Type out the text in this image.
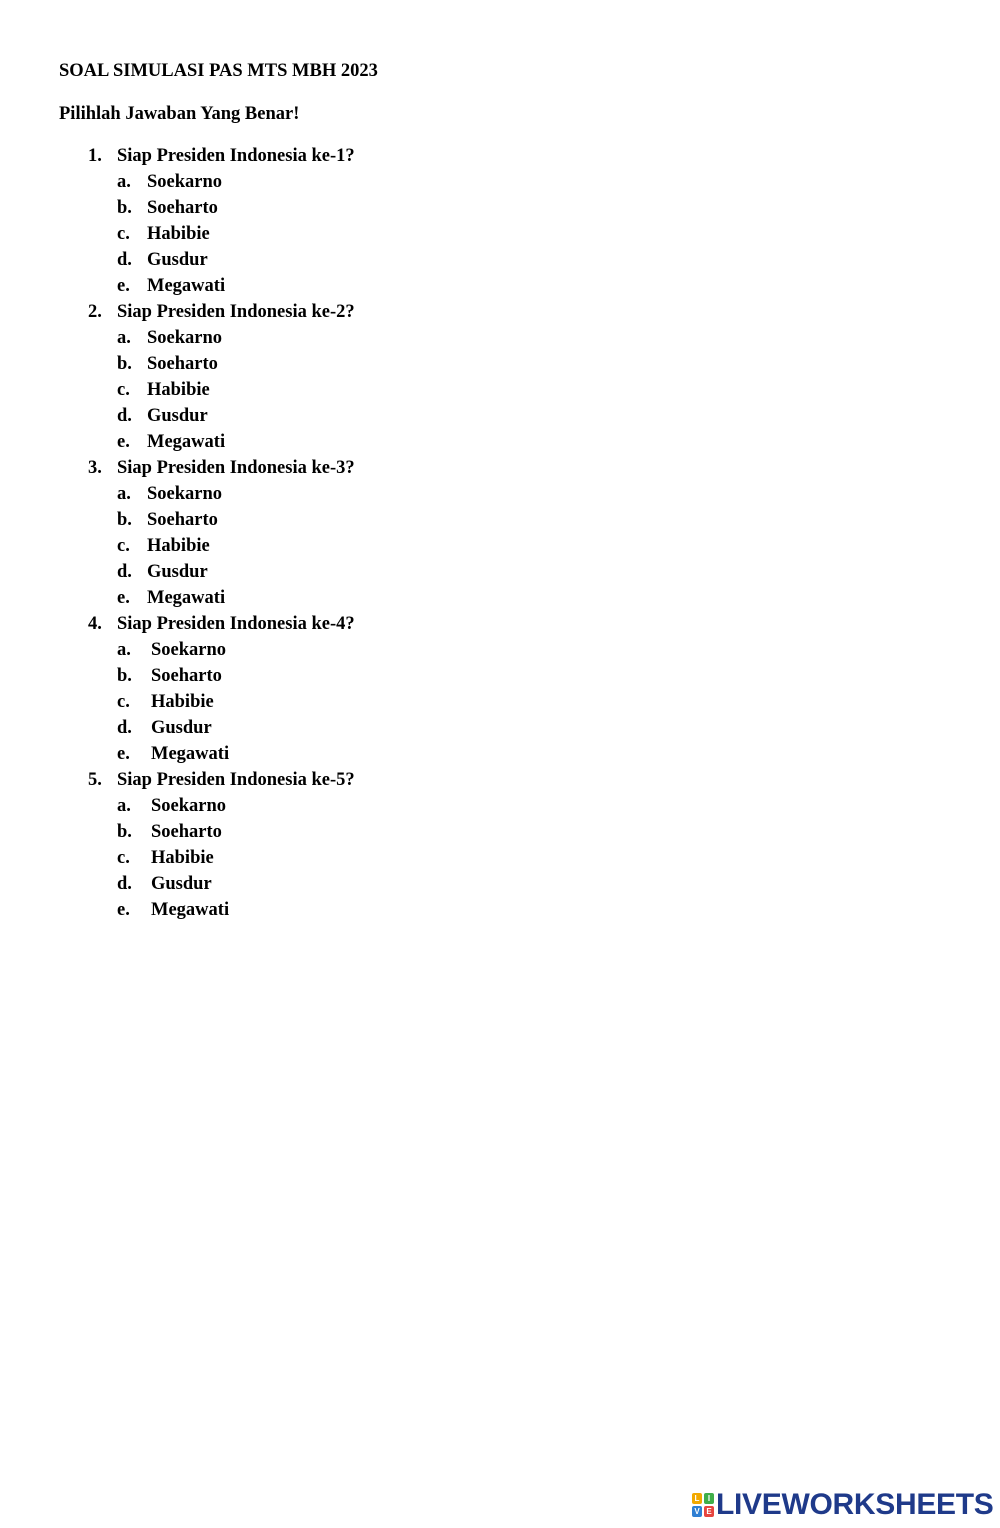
SOAL SIMULASI PAS MTS MBH 2023
Pilihlah Jawaban Yang Benar!
1. Siap Presiden Indonesia ke-1?
a. Soekarno
b. Soeharto
c. Habibie
d. Gusdur
e. Megawati
2. Siap Presiden Indonesia ke-2?
a. Soekarno
b. Soeharto
c. Habibie
d. Gusdur
e. Megawati
3. Siap Presiden Indonesia ke-3?
a. Soekarno
b. Soeharto
c. Habibie
d. Gusdur
e. Megawati
4. Siap Presiden Indonesia ke-4?
a.	Soekarno
b.	Soeharto
c.	Habibie
d.	Gusdur
e.	Megawati
5. Siap Presiden Indonesia ke-5?
a.	Soekarno
b.	Soeharto
c.	Habibie
d.	Gusdur
e.	Megawati
L	I
V E LIVEWORKSHEETS
